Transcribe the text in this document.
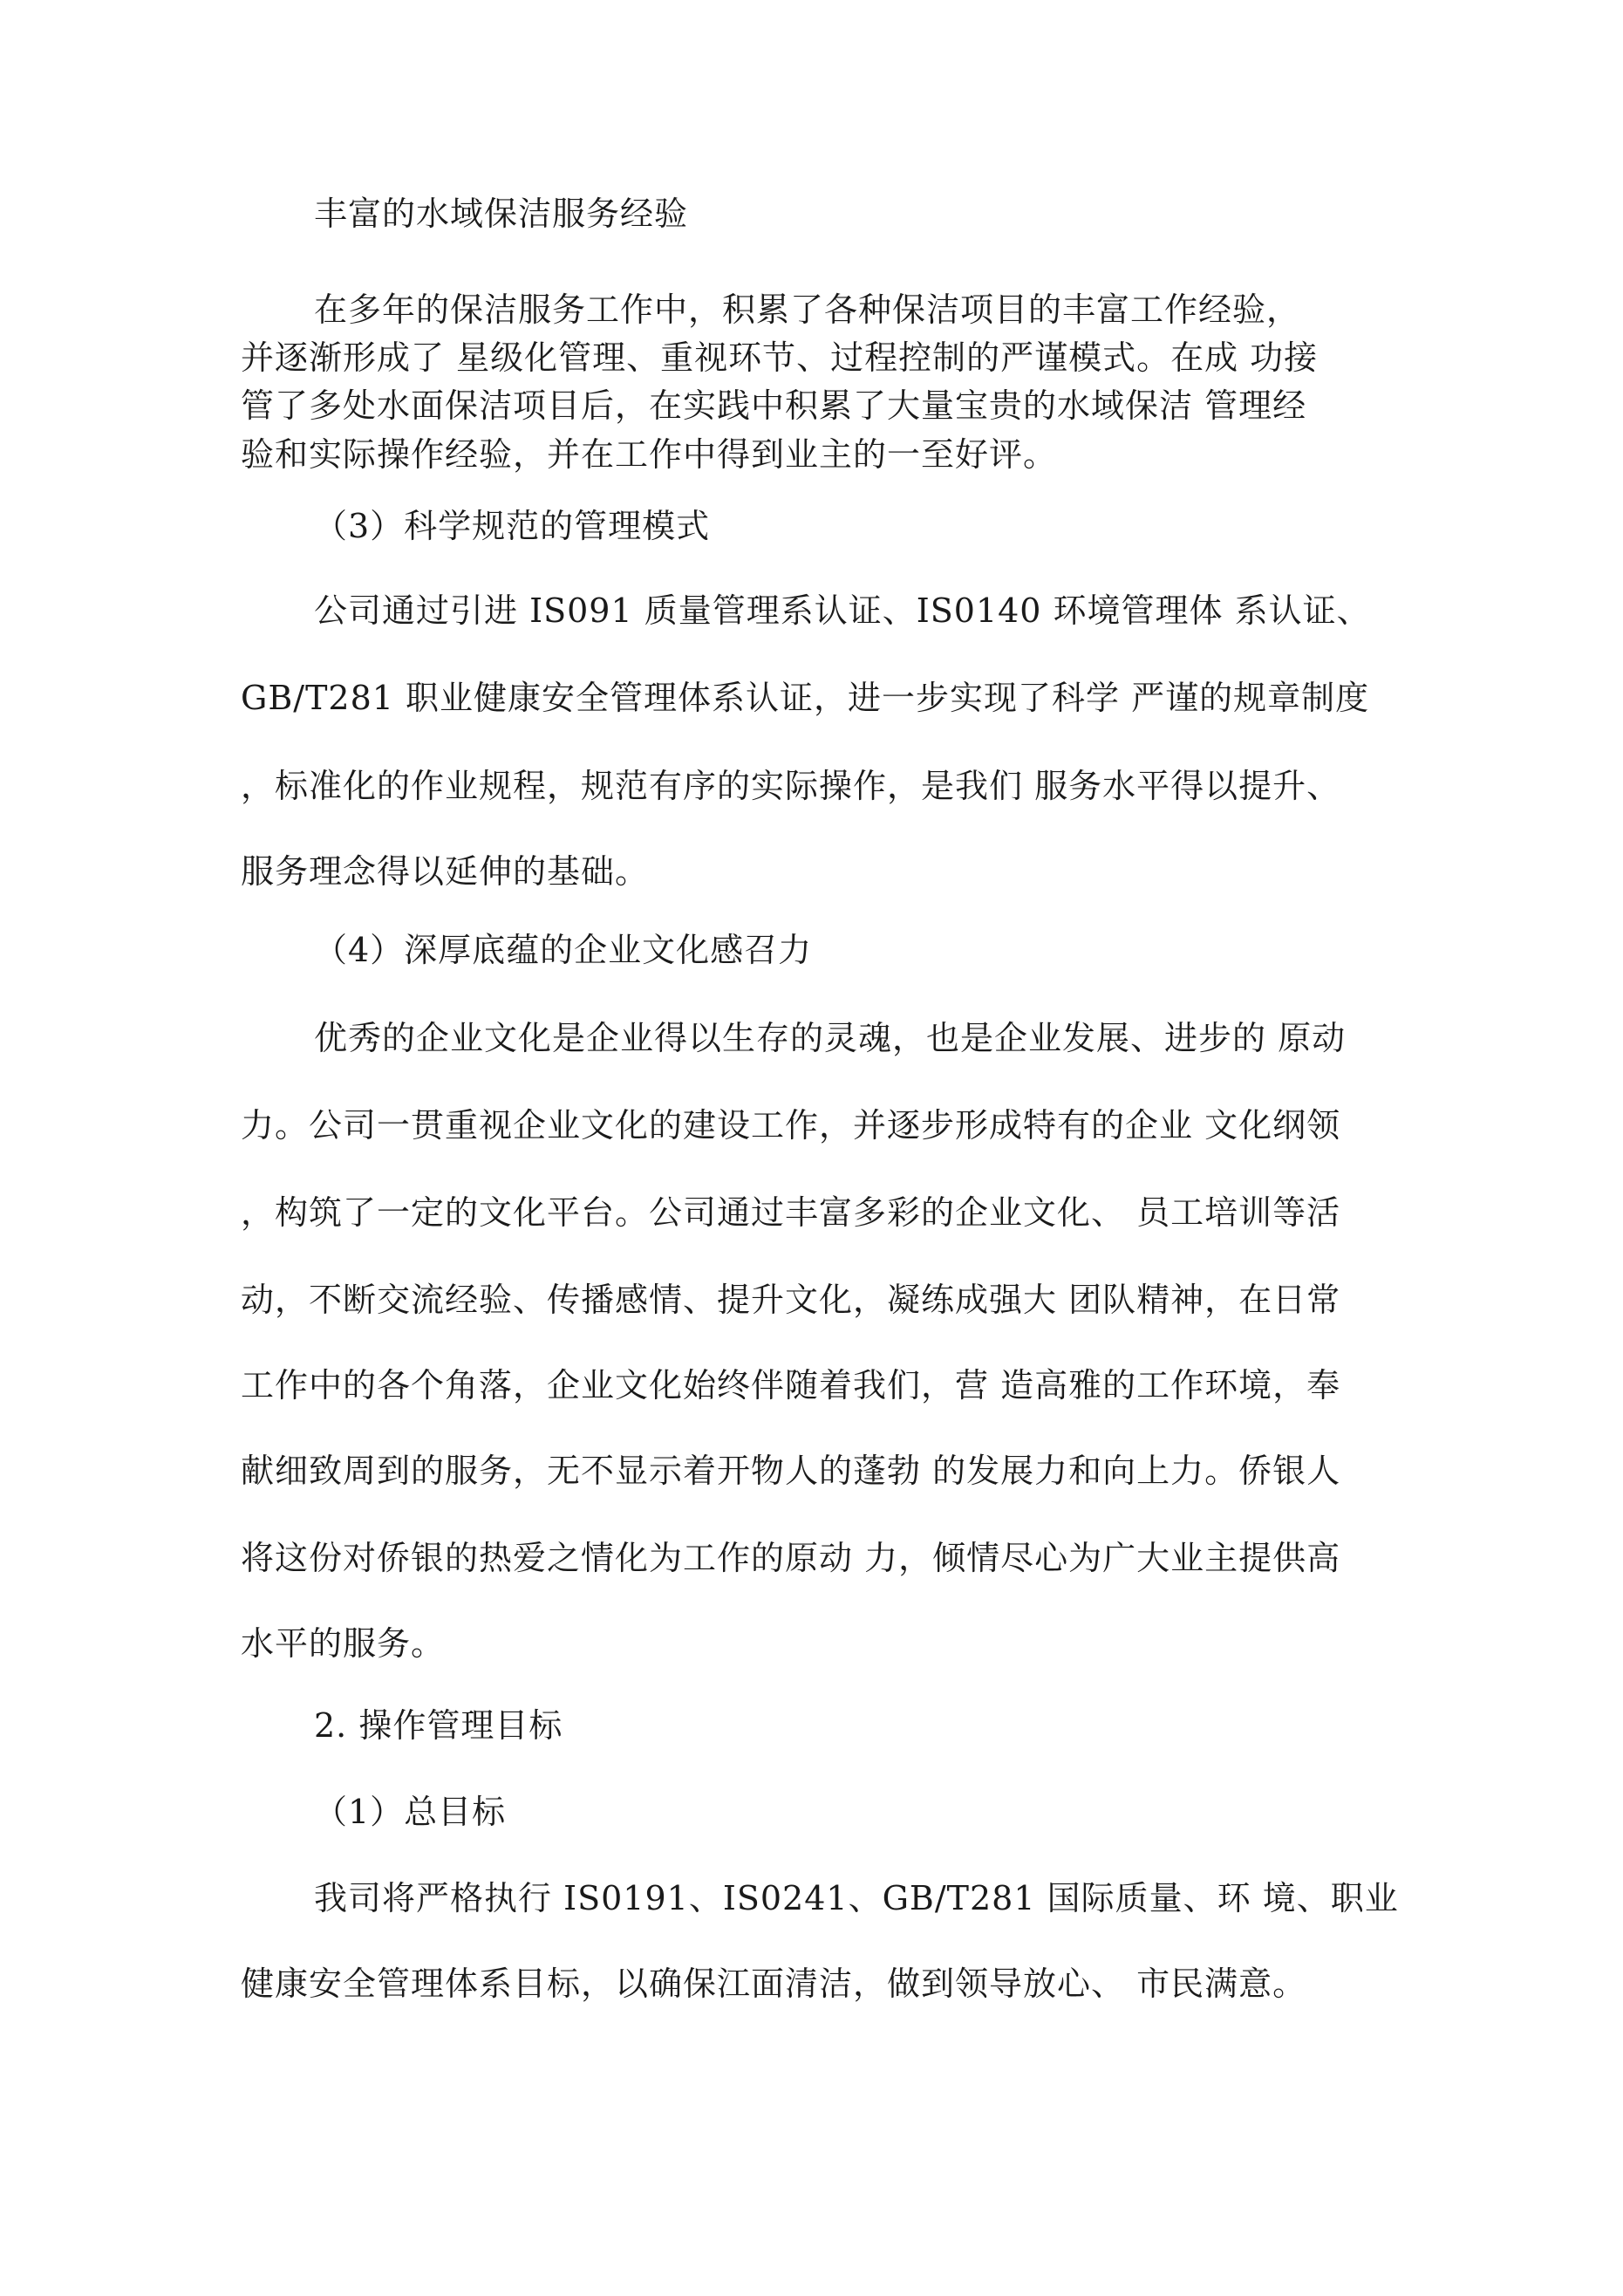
丰富的水域保洁服务经验

在多年的保洁服务工作中，积累了各种保洁项目的丰富工作经验，

并逐渐形成了 星级化管理、重视环节、过程控制的严谨模式。在成 功接

管了多处水面保洁项目后，在实践中积累了大量宝贵的水域保洁 管理经

验和实际操作经验，并在工作中得到业主的一至好评。

（3）科学规范的管理模式

公司通过引进 IS091 质量管理系认证、IS0140 环境管理体 系认证、

GB/T281 职业健康安全管理体系认证，进一步实现了科学 严谨的规章制度

，标准化的作业规程，规范有序的实际操作，是我们 服务水平得以提升、

服务理念得以延伸的基础。

（4）深厚底蕴的企业文化感召力

优秀的企业文化是企业得以生存的灵魂，也是企业发展、进步的 原动

力。公司一贯重视企业文化的建设工作，并逐步形成特有的企业 文化纲领

，构筑了一定的文化平台。公司通过丰富多彩的企业文化、 员工培训等活

动，不断交流经验、传播感情、提升文化，凝练成强大 团队精神，在日常

工作中的各个角落，企业文化始终伴随着我们，营 造高雅的工作环境，奉

献细致周到的服务，无不显示着开物人的蓬勃 的发展力和向上力。侨银人

将这份对侨银的热爱之情化为工作的原动 力，倾情尽心为广大业主提供高

水平的服务。

2. 操作管理目标

（1）总目标

我司将严格执行 IS0191、IS0241、GB/T281 国际质量、环 境、职业

健康安全管理体系目标，以确保江面清洁，做到领导放心、 市民满意。
